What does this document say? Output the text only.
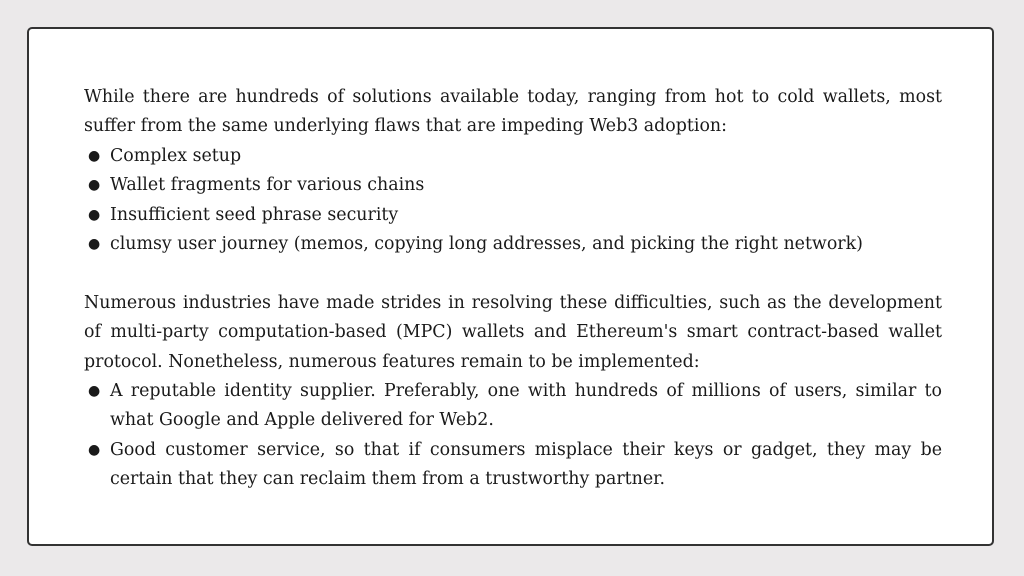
While there are hundreds of solutions available today, ranging from hot to cold wallets, most suffer from the same underlying flaws that are impeding Web3 adoption:

● Complex setup
● Wallet fragments for various chains
● Insufficient seed phrase security
● clumsy user journey (memos, copying long addresses, and picking the right network)

Numerous industries have made strides in resolving these difficulties, such as the development of multi-party computation-based (MPC) wallets and Ethereum's smart contract-based wallet protocol. Nonetheless, numerous features remain to be implemented:

● A reputable identity supplier. Preferably, one with hundreds of millions of users, similar to what Google and Apple delivered for Web2.
● Good customer service, so that if consumers misplace their keys or gadget, they may be certain that they can reclaim them from a trustworthy partner.
